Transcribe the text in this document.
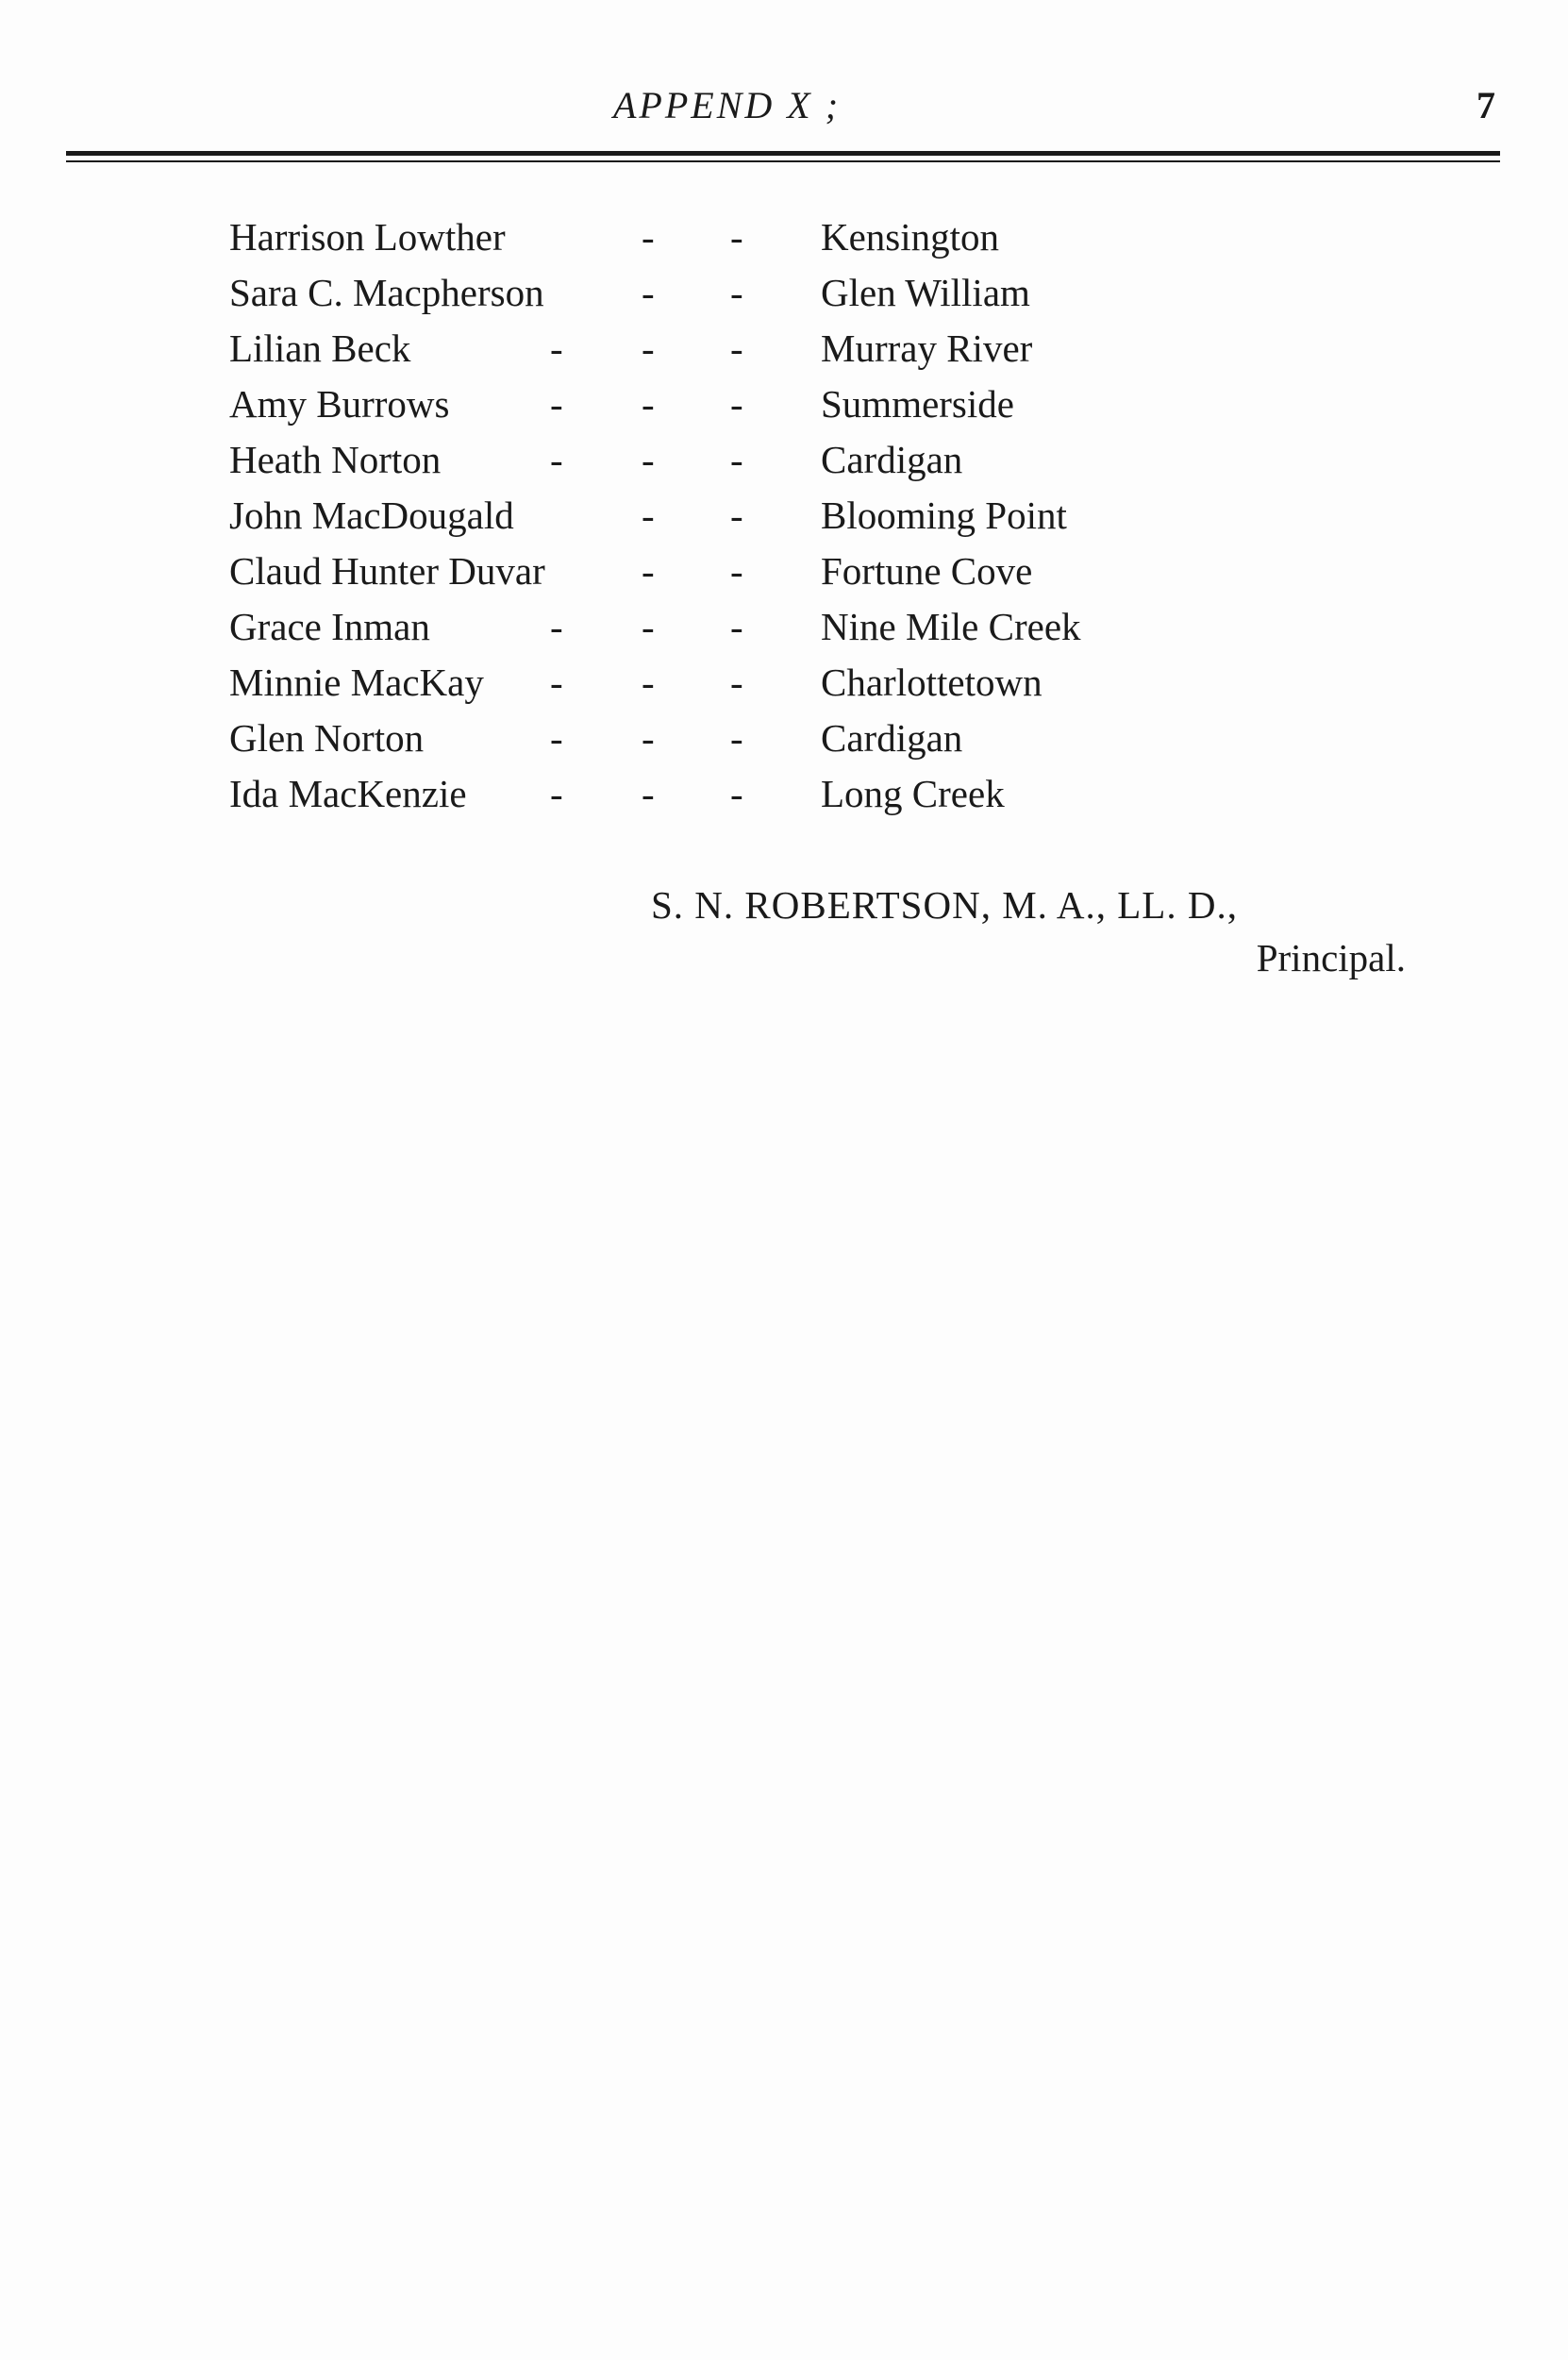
APPEND X ;	7
Harrison Lowther	- - Kensington
Sara C. Macpherson	- - Glen William
Lilian Beck	- - - Murray River
Amy Burrows	- - - Summerside
Heath Norton	- - - Cardigan
John MacDougald	- - Blooming Point
Claud Hunter Duvar - - Fortune Cove
Grace Inman	- - - Nine Mile Creek
Minnie MacKay - - - Charlottetown
Glen Norton	- - - Cardigan
Ida MacKenzie - - - Long Creek
S. N. ROBERTSON, M. A., LL. D.,
Principal.
